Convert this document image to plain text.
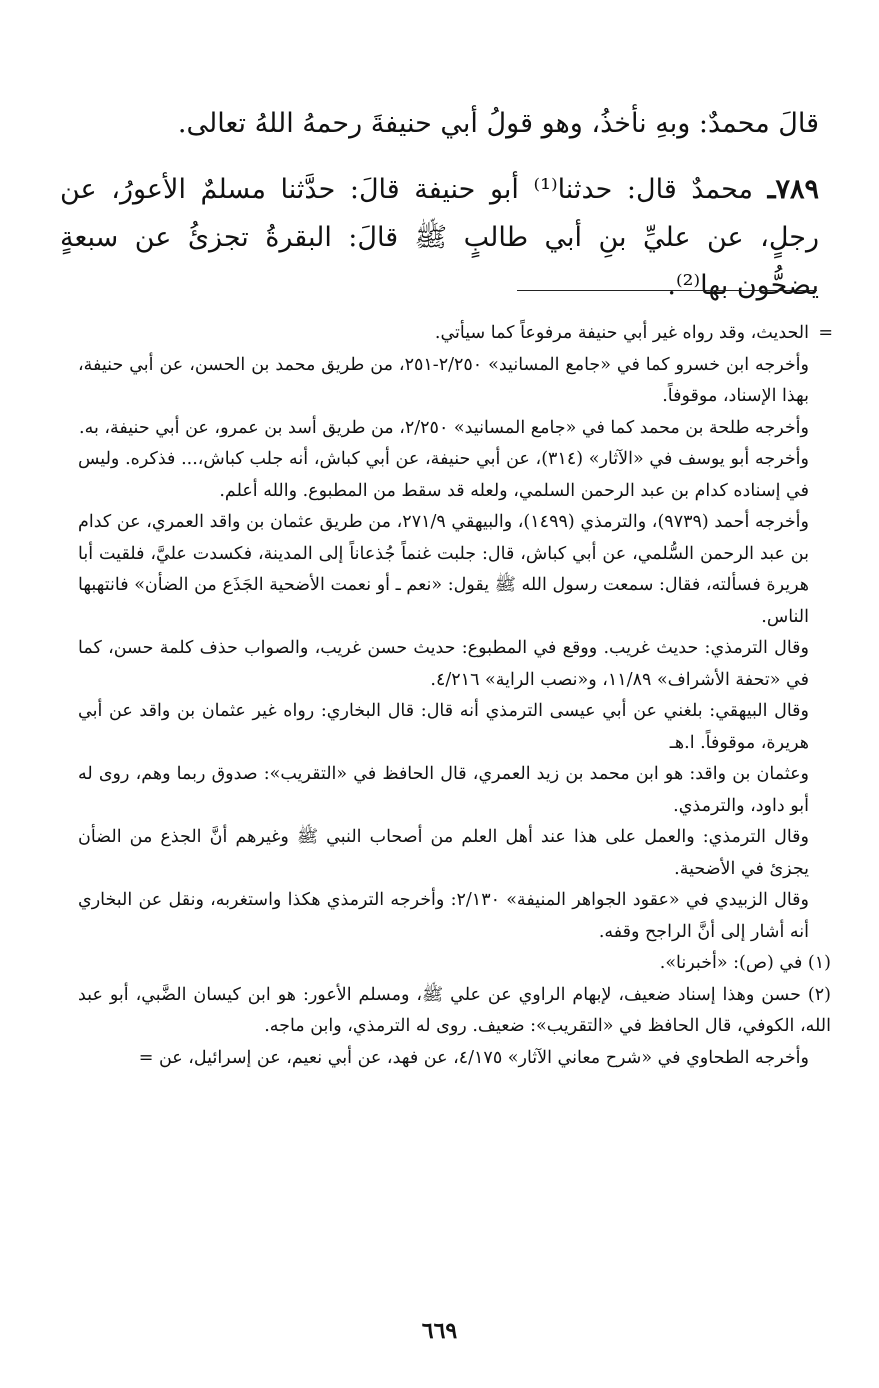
قالَ محمدٌ: وبهِ نأخذُ، وهو قولُ أبي حنيفةَ رحمهُ اللهُ تعالى.

٧٨٩ـ محمدٌ قال: حدثنا⁽¹⁾ أبو حنيفة قالَ: حدَّثنا مسلمٌ الأعورُ، عن رجلٍ، عن عليِّ بنِ أبي طالبٍ ﷺ قالَ: البقرةُ تجزئُ عن سبعةٍ يضحُّون بها⁽²⁾.

=

الحديث، وقد رواه غير أبي حنيفة مرفوعاً كما سيأتي.

وأخرجه ابن خسرو كما في «جامع المسانيد» ٢/٢٥٠-٢٥١، من طريق محمد بن الحسن، عن أبي حنيفة، بهذا الإسناد، موقوفاً.

وأخرجه طلحة بن محمد كما في «جامع المسانيد» ٢/٢٥٠، من طريق أسد بن عمرو، عن أبي حنيفة، به.

وأخرجه أبو يوسف في «الآثار» (٣١٤)، عن أبي حنيفة، عن أبي كباش، أنه جلب كباش،... فذكره. وليس في إسناده كدام بن عبد الرحمن السلمي، ولعله قد سقط من المطبوع. والله أعلم.

وأخرجه أحمد (٩٧٣٩)، والترمذي (١٤٩٩)، والبيهقي ٢٧١/٩، من طريق عثمان بن واقد العمري، عن كدام بن عبد الرحمن السُّلمي، عن أبي كباش، قال: جلبت غنماً جُذعاناً إلى المدينة، فكسدت عليَّ، فلقيت أبا هريرة فسألته، فقال: سمعت رسول الله ﷺ يقول: «نعم ـ أو نعمت الأضحية الجَذَع من الضأن» فانتهبها الناس.

وقال الترمذي: حديث غريب. ووقع في المطبوع: حديث حسن غريب، والصواب حذف كلمة حسن، كما في «تحفة الأشراف» ١١/٨٩، و«نصب الراية» ٤/٢١٦.

وقال البيهقي: بلغني عن أبي عيسى الترمذي أنه قال: قال البخاري: رواه غير عثمان بن واقد عن أبي هريرة، موقوفاً. ا.هـ

وعثمان بن واقد: هو ابن محمد بن زيد العمري، قال الحافظ في «التقريب»: صدوق ربما وهم، روى له أبو داود، والترمذي.

وقال الترمذي: والعمل على هذا عند أهل العلم من أصحاب النبي ﷺ وغيرهم أنَّ الجذع من الضأن يجزئ في الأضحية.

وقال الزبيدي في «عقود الجواهر المنيفة» ٢/١٣٠: وأخرجه الترمذي هكذا واستغربه، ونقل عن البخاري أنه أشار إلى أنَّ الراجح وقفه.

(١) في (ص): «أخبرنا».

(٢) حسن وهذا إسناد ضعيف، لإبهام الراوي عن علي ﷺ، ومسلم الأعور: هو ابن كيسان الضَّبي، أبو عبد الله، الكوفي، قال الحافظ في «التقريب»: ضعيف. روى له الترمذي، وابن ماجه.

وأخرجه الطحاوي في «شرح معاني الآثار» ٤/١٧٥، عن فهد، عن أبي نعيم، عن إسرائيل، عن =

٦٦٩
